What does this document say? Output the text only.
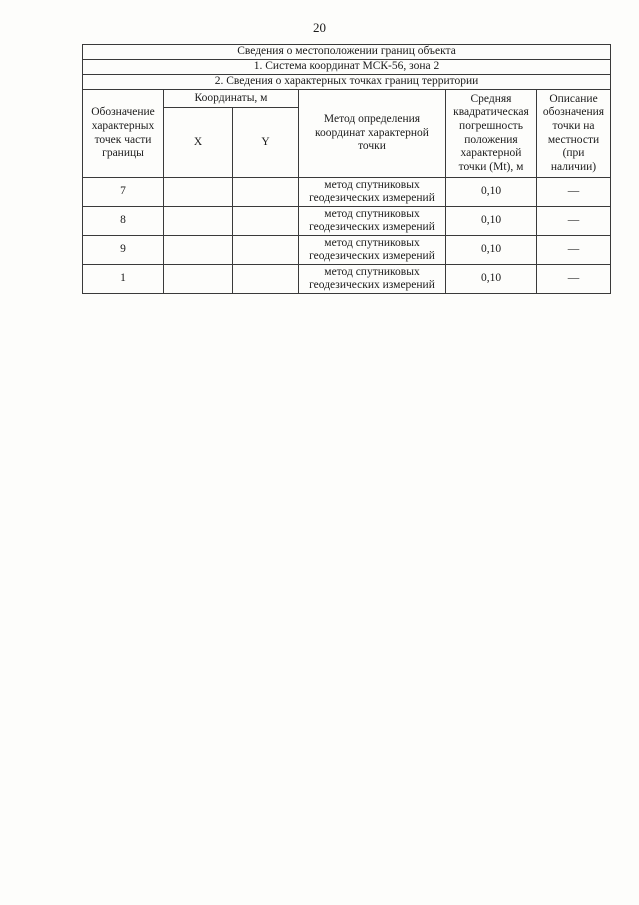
20
Сведения о местоположении границ объекта					
1. Система координат МСК-56, зона 2					
2. Сведения о характерных точках границ территории					
Обозначение характерных точек части границы	Координаты, м		Метод определения координат характерной точки	Средняя квадратическая погрешность положения характерной точки (Мt), м	Описание обозначения точки на местности (при наличии)
	X	Y			
7			метод спутниковых геодезических измерений	0,10	—
8			метод спутниковых геодезических измерений	0,10	—
9			метод спутниковых геодезических измерений	0,10	—
1			метод спутниковых геодезических измерений	0,10	—
